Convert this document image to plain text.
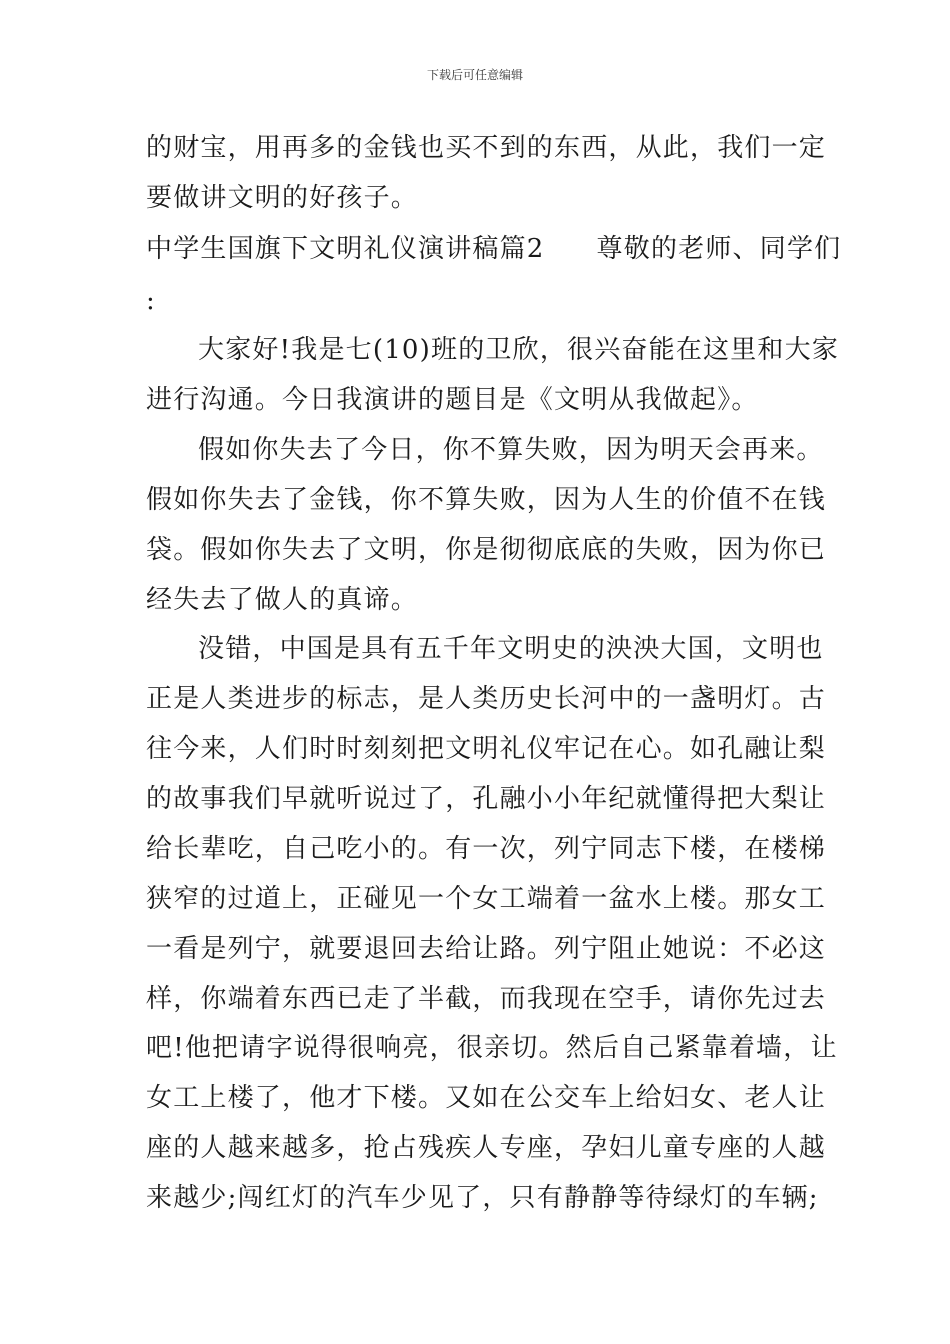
下载后可任意编辑
的财宝，用再多的金钱也买不到的东西，从此，我们一定
要做讲文明的好孩子。
中学生国旗下文明礼仪演讲稿篇2 尊敬的老师、同学们
:
大家好!我是七(10)班的卫欣，很兴奋能在这里和大家
进行沟通。今日我演讲的题目是《文明从我做起》。
假如你失去了今日，你不算失败，因为明天会再来。
假如你失去了金钱，你不算失败，因为人生的价值不在钱
袋。假如你失去了文明，你是彻彻底底的失败，因为你已
经失去了做人的真谛。
没错，中国是具有五千年文明史的泱泱大国，文明也
正是人类进步的标志，是人类历史长河中的一盏明灯。古
往今来，人们时时刻刻把文明礼仪牢记在心。如孔融让梨
的故事我们早就听说过了，孔融小小年纪就懂得把大梨让
给长辈吃，自己吃小的。有一次，列宁同志下楼，在楼梯
狭窄的过道上，正碰见一个女工端着一盆水上楼。那女工
一看是列宁，就要退回去给让路。列宁阻止她说：不必这
样，你端着东西已走了半截，而我现在空手，请你先过去
吧!他把请字说得很响亮，很亲切。然后自己紧靠着墙，让
女工上楼了，他才下楼。又如在公交车上给妇女、老人让
座的人越来越多，抢占残疾人专座，孕妇儿童专座的人越
来越少;闯红灯的汽车少见了，只有静静等待绿灯的车辆;
